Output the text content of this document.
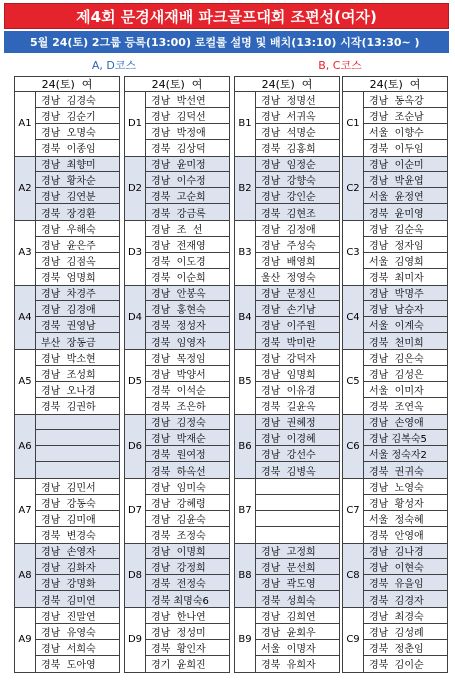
제4회 문경새재배 파크골프대회 조편성(여자)
5월 24(토) 2그룹 등록(13:00) 로컬룰 설명 및 배치(13:10) 시작(13:30~ )
A, D코스	B, C코스
24(토)  여
A1
경남  김경숙
경남  김순기
경남  오명숙
경북  이종임
A2
경남  최향미
경남  황차순
경남  김연분
경북  장경환
A3
경남  우해숙
경남  윤은주
경남  김점옥
경북  엄명희
A4
경남  차경주
경남  김경애
경북  권영남
부산  장동금
A5
경남  박소현
경남  조성희
경남  오나경
경북  김권하
A6
A7
경남  김민서
경남  강동숙
경남  김미애
경북  변경숙
A8
경남  손영자
경남  김화자
경남  강명화
경북  김미연
A9
경남  진말연
경남  유영숙
경남  서희숙
경북  도아영
24(토)  여
D1
경남  박선연
경남  김덕선
경남  박정애
경북  김상덕
D2
경남  윤미정
경남  이수정
경북  고순희
경북  강금록
D3
경남  조  선
경남  전재영
경북  이도경
경북  이순희
D4
경남  안봉옥
경남  홍현숙
경북  정성자
경북  임영자
D5
경남  목정임
경남  박양서
경북  이석순
경북  조은하
D6
경남  김정숙
경남  박재순
경북  원여정
경북  하옥선
D7
경남  임미숙
경남  강혜령
경남  김윤숙
경북  조정숙
D8
경남  이명희
경남  강정희
경북  전정숙
경북 최명숙6
D9
경남  한나연
경남  정성미
경북  황인자
경기  윤희진
24(토)  여
B1
경남  정명선
경남  서귀옥
경남  석명순
경북  김홍희
B2
경남  임정순
경남  강향숙
경남  강인순
경북  김현조
B3
경남  김정애
경남  주성숙
경남  배영희
울산  정영숙
B4
경남  문정신
경남  손기남
경남  이주원
경북  박미란
B5
경남  강덕자
경남  임명희
경남  이유경
경북  길윤옥
B6
경남  권혜정
경남  이경혜
경남  강선수
경북  김병옥
B7
B8
경남  고정희
경남  문선희
경남  곽도영
경북  성희숙
B9
경남  김희연
경남  윤회우
서울  이명자
경북  유희자
24(토)  여
C1
경남  동옥강
경남  조순남
서울  이향수
경북  이두임
C2
경남  이순미
경남  박윤엽
서울  윤정연
경북  윤미영
C3
경남  김순옥
경남  정자임
서울  김영희
경북  최미자
C4
경남  박명주
경남  남승자
서울  이계숙
경북  천미희
C5
경남  김은숙
경남  김성은
서울  이미자
경북  조연옥
C6
경남  손영애
경남 김복숙5
서울 정숙자2
경북  권귀숙
C7
경남  노영숙
경남  황성자
서울  정숙혜
경북  안영애
C8
경남  김나경
경남  이현숙
경북  유을임
경북  김경자
C9
경남  최경숙
경남  김성례
경북  정춘임
경북  김이순
